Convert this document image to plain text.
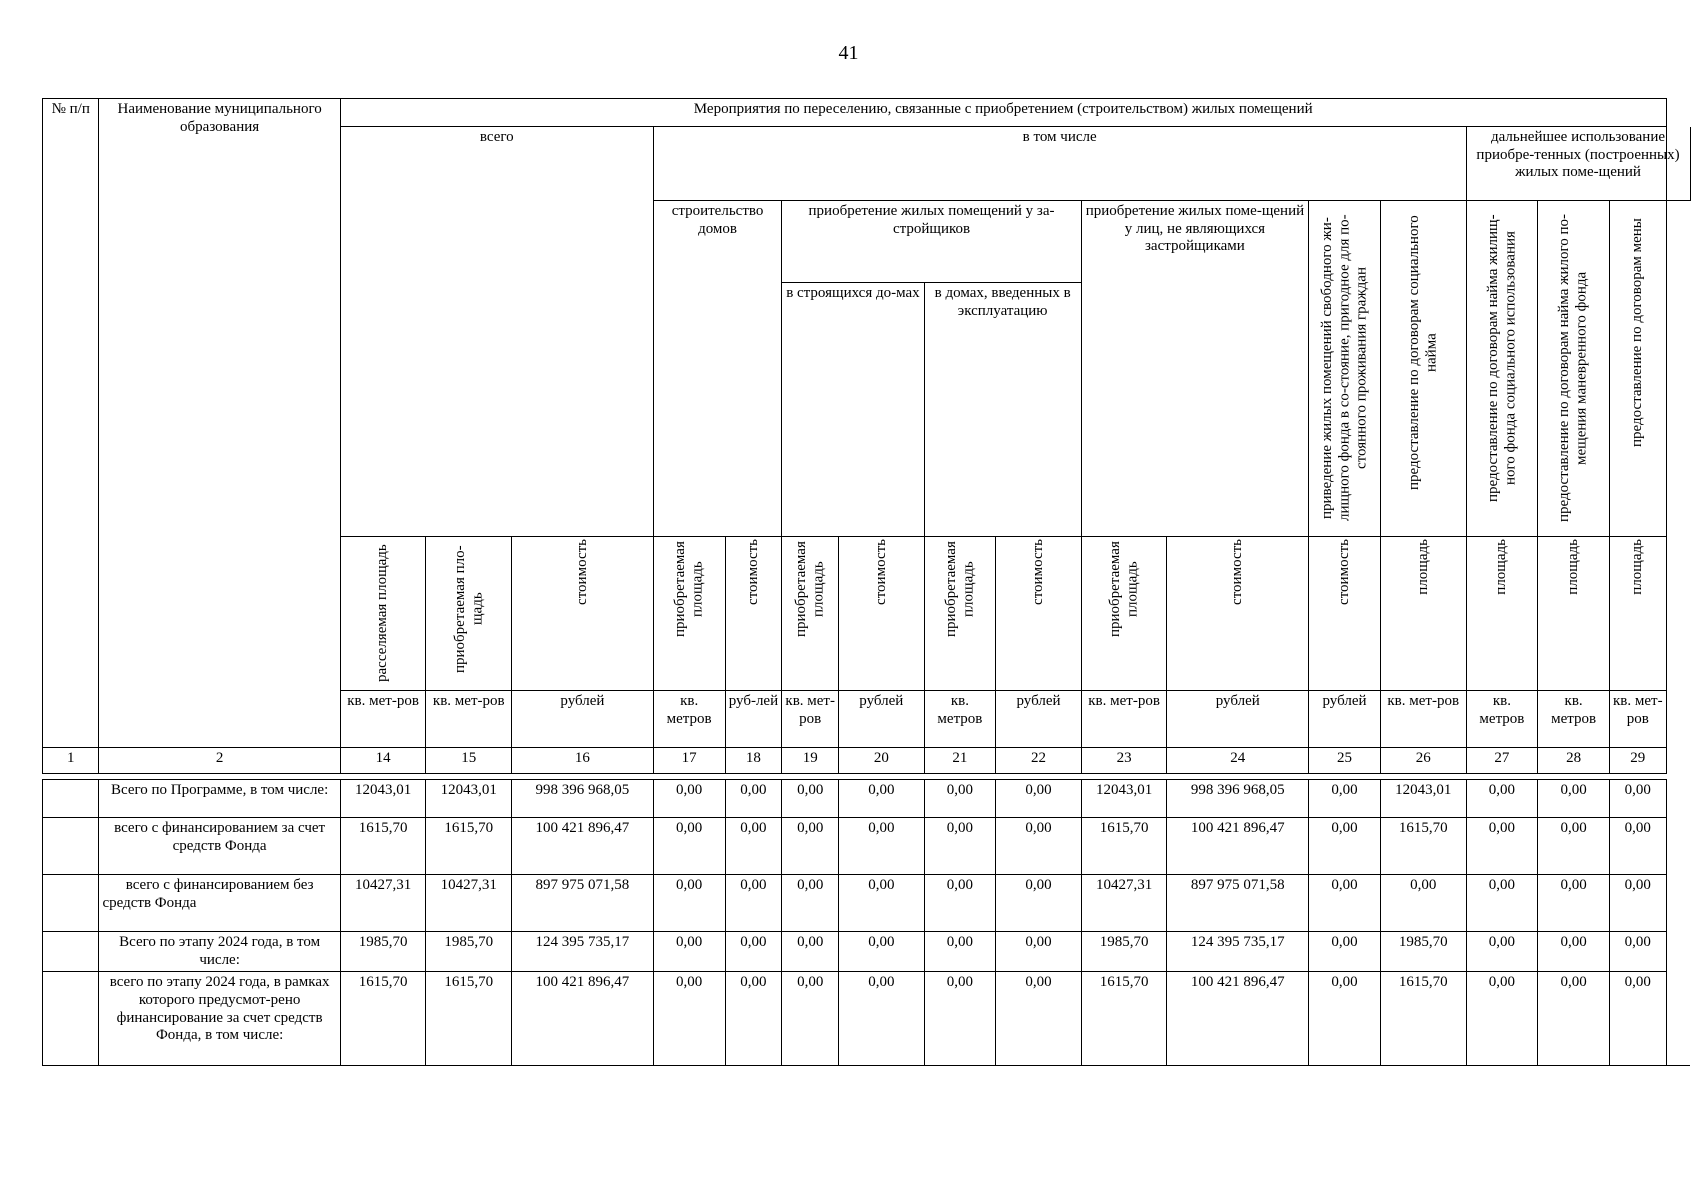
41
№ п/п	Наименование муниципального образования	Мероприятия по переселению, связанные с приобретением (строительством) жилых помещений																	
		всего			в том числе										дальнейшее использование приобре-тенных (построенных) жилых поме-щений				
					строительство домов		приобретение жилых помещений у за-стройщиков				приобретение жилых поме-щений у лиц, не являющихся застройщиками		приведение жилых помещений свободного жи-лищного фонда в со-стояние, пригодное для по-стоянного проживания граждан	предоставление по договорам социального найма	предоставление по договорам найма жилищ-ного фонда социального использования	предоставление по договорам найма жилого по-мещения маневренного фонда	предоставление по договорам мены		

							в строящихся до-мах		в домах, введенных в эксплуатацию										

		расселяемая площадь	приобретаемая пло-щадь	стоимость	приобретаемая площадь	стоимость	приобретаемая площадь	стоимость	приобретаемая площадь	стоимость	приобретаемая площадь	стоимость	стоимость	площадь	площадь	площадь	площадь		

		кв. мет-ров	кв. мет-ров	рублей	кв. метров	руб-лей	кв. мет-ров	рублей	кв. метров	рублей	кв. мет-ров	рублей	рублей	кв. мет-ров	кв. метров	кв. метров	кв. мет-ров		
1	2	14	15	16	17	18	19	20	21	22	23	24	25	26	27	28	29		

	Всего по Программе, в том числе:	12043,01	12043,01	998 396 968,05	0,00	0,00	0,00	0,00	0,00	0,00	12043,01	998 396 968,05	0,00	12043,01	0,00	0,00	0,00		
	всего с финансированием за счет средств Фонда	1615,70	1615,70	100 421 896,47	0,00	0,00	0,00	0,00	0,00	0,00	1615,70	100 421 896,47	0,00	1615,70	0,00	0,00	0,00		
	всего с финансированием без средств Фонда	10427,31	10427,31	897 975 071,58	0,00	0,00	0,00	0,00	0,00	0,00	10427,31	897 975 071,58	0,00	0,00	0,00	0,00	0,00		
	Всего по этапу 2024 года, в том числе:	1985,70	1985,70	124 395 735,17	0,00	0,00	0,00	0,00	0,00	0,00	1985,70	124 395 735,17	0,00	1985,70	0,00	0,00	0,00		
	всего по этапу 2024 года, в рамках которого предусмот-рено финансирование за счет средств Фонда, в том числе:	1615,70	1615,70	100 421 896,47	0,00	0,00	0,00	0,00	0,00	0,00	1615,70	100 421 896,47	0,00	1615,70	0,00	0,00	0,00		
